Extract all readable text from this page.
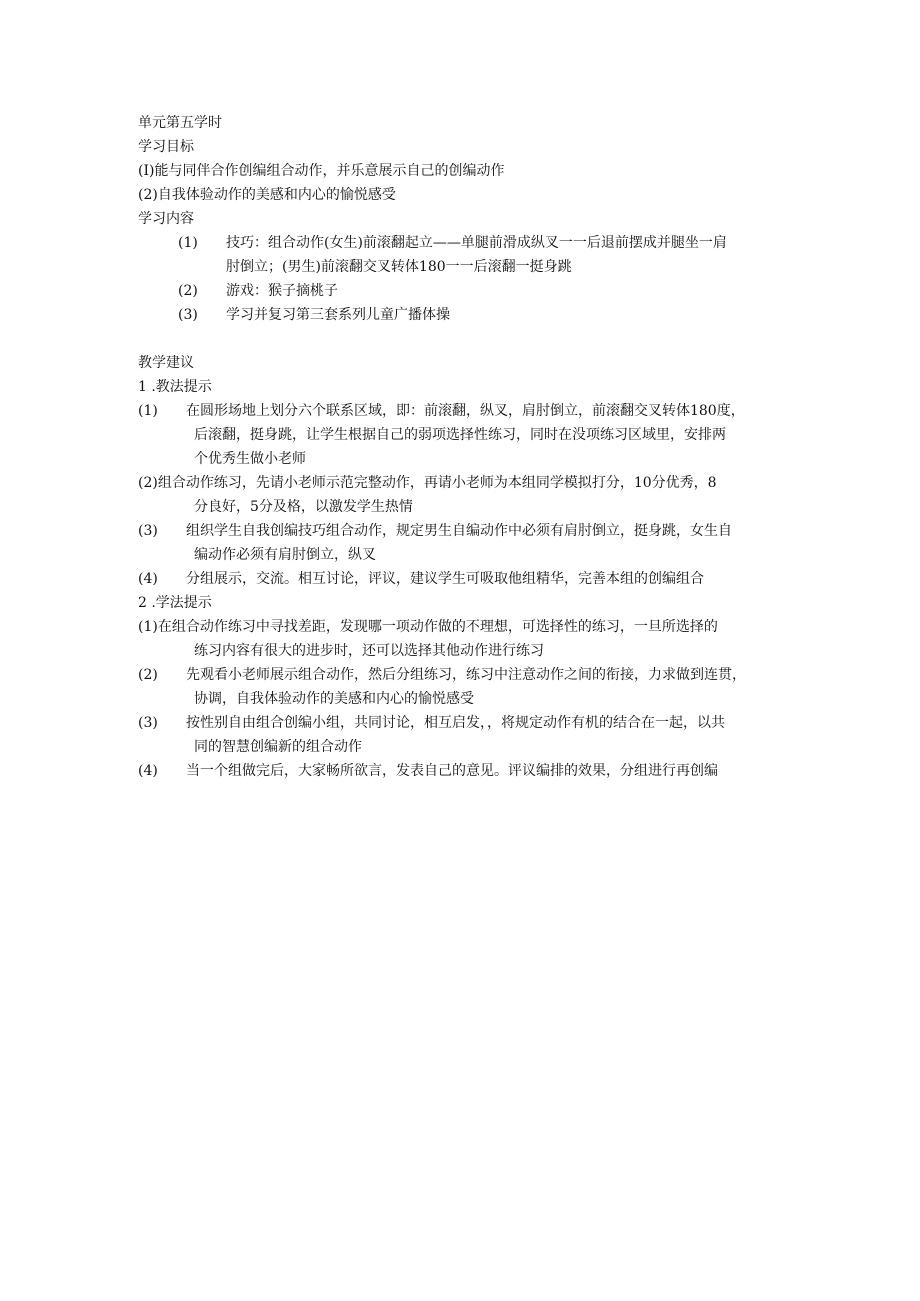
单元第五学时
学习目标
(I)能与同伴合作创编组合动作，并乐意展示自己的创编动作
(2)自我体验动作的美感和内心的愉悦感受
学习内容
(1)	技巧：组合动作(女生)前滚翻起立——单腿前滑成纵叉一一后退前摆成并腿坐一肩
肘倒立；(男生)前滚翻交叉转体180一一后滚翻一挺身跳
(2)	游戏：猴子摘桃子
(3)	学习并复习第三套系列儿童广播体操
教学建议
1 .教法提示
(1)	在圆形场地上划分六个联系区域，即：前滚翻，纵叉，肩肘倒立，前滚翻交叉转体180度，
后滚翻，挺身跳，让学生根据自己的弱项选择性练习，同时在没项练习区域里，安排两
个优秀生做小老师
(2)组合动作练习，先请小老师示范完整动作，再请小老师为本组同学模拟打分，10分优秀，8
分良好，5分及格，以激发学生热情
(3)	组织学生自我创编技巧组合动作，规定男生自编动作中必须有肩肘倒立，挺身跳，女生自
编动作必须有肩肘倒立，纵叉
(4)	分组展示，交流。相互讨论，评议，建议学生可吸取他组精华，完善本组的创编组合
2 .学法提示
(1)在组合动作练习中寻找差距，发现哪一项动作做的不理想，可选择性的练习，一旦所选择的
练习内容有很大的进步时，还可以选择其他动作进行练习
(2)	先观看小老师展示组合动作，然后分组练习，练习中注意动作之间的衔接，力求做到连贯，
协调，自我体验动作的美感和内心的愉悦感受
(3)	按性别自由组合创编小组，共同讨论，相互启发，，将规定动作有机的结合在一起，以共
同的智慧创编新的组合动作
(4)	当一个组做完后，大家畅所欲言，发表自己的意见。评议编排的效果，分组进行再创编
